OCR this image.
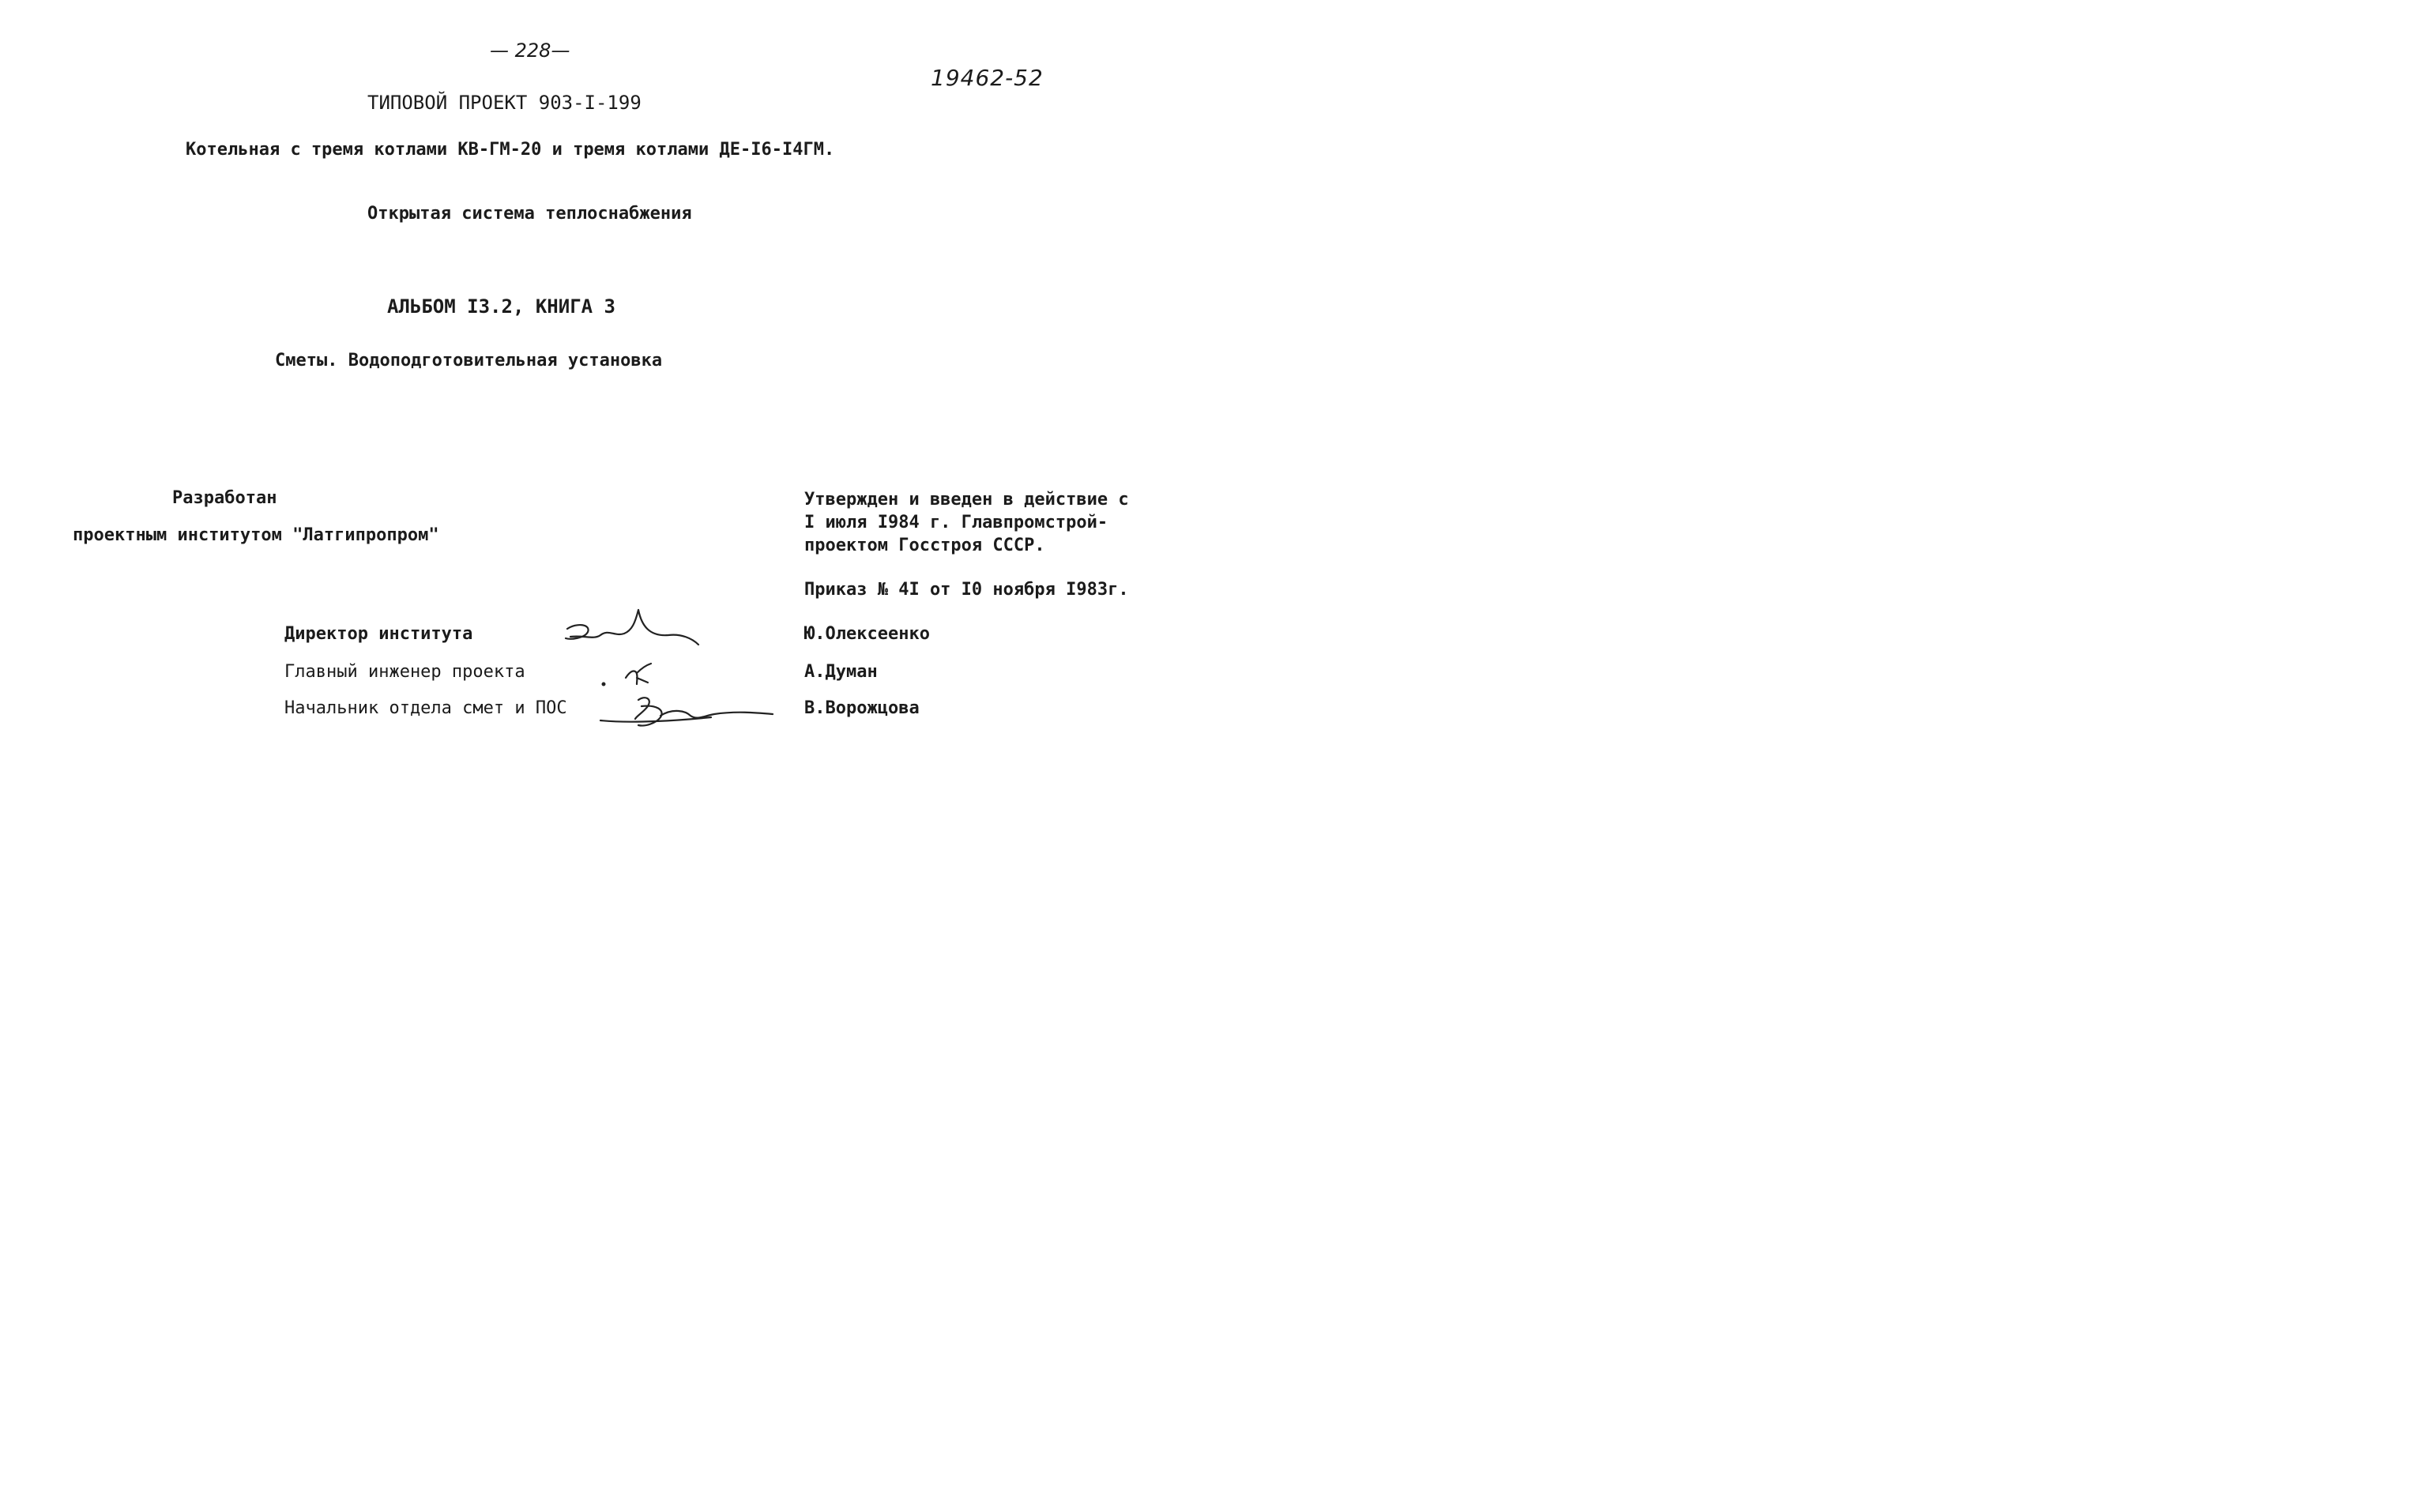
— 228—
19462-52
ТИПОВОЙ ПРОЕКТ 903-I-199
Котельная с тремя котлами КВ-ГМ-20 и тремя котлами ДЕ-I6-I4ГМ.
Открытая система теплоснабжения
АЛЬБОМ I3.2, КНИГА 3
Сметы. Водоподготовительная установка
Разработан
проектным институтом "Латгипропром"
Утвержден и введен в действие с
I июля I984 г. Главпромстрой-
проектом Госстроя СССР.
Приказ № 4I от I0 ноября I983г.
Директор института
Главный инженер проекта
Начальник отдела смет и ПОС
Ю.Олексеенко
А.Думан
В.Ворожцова
